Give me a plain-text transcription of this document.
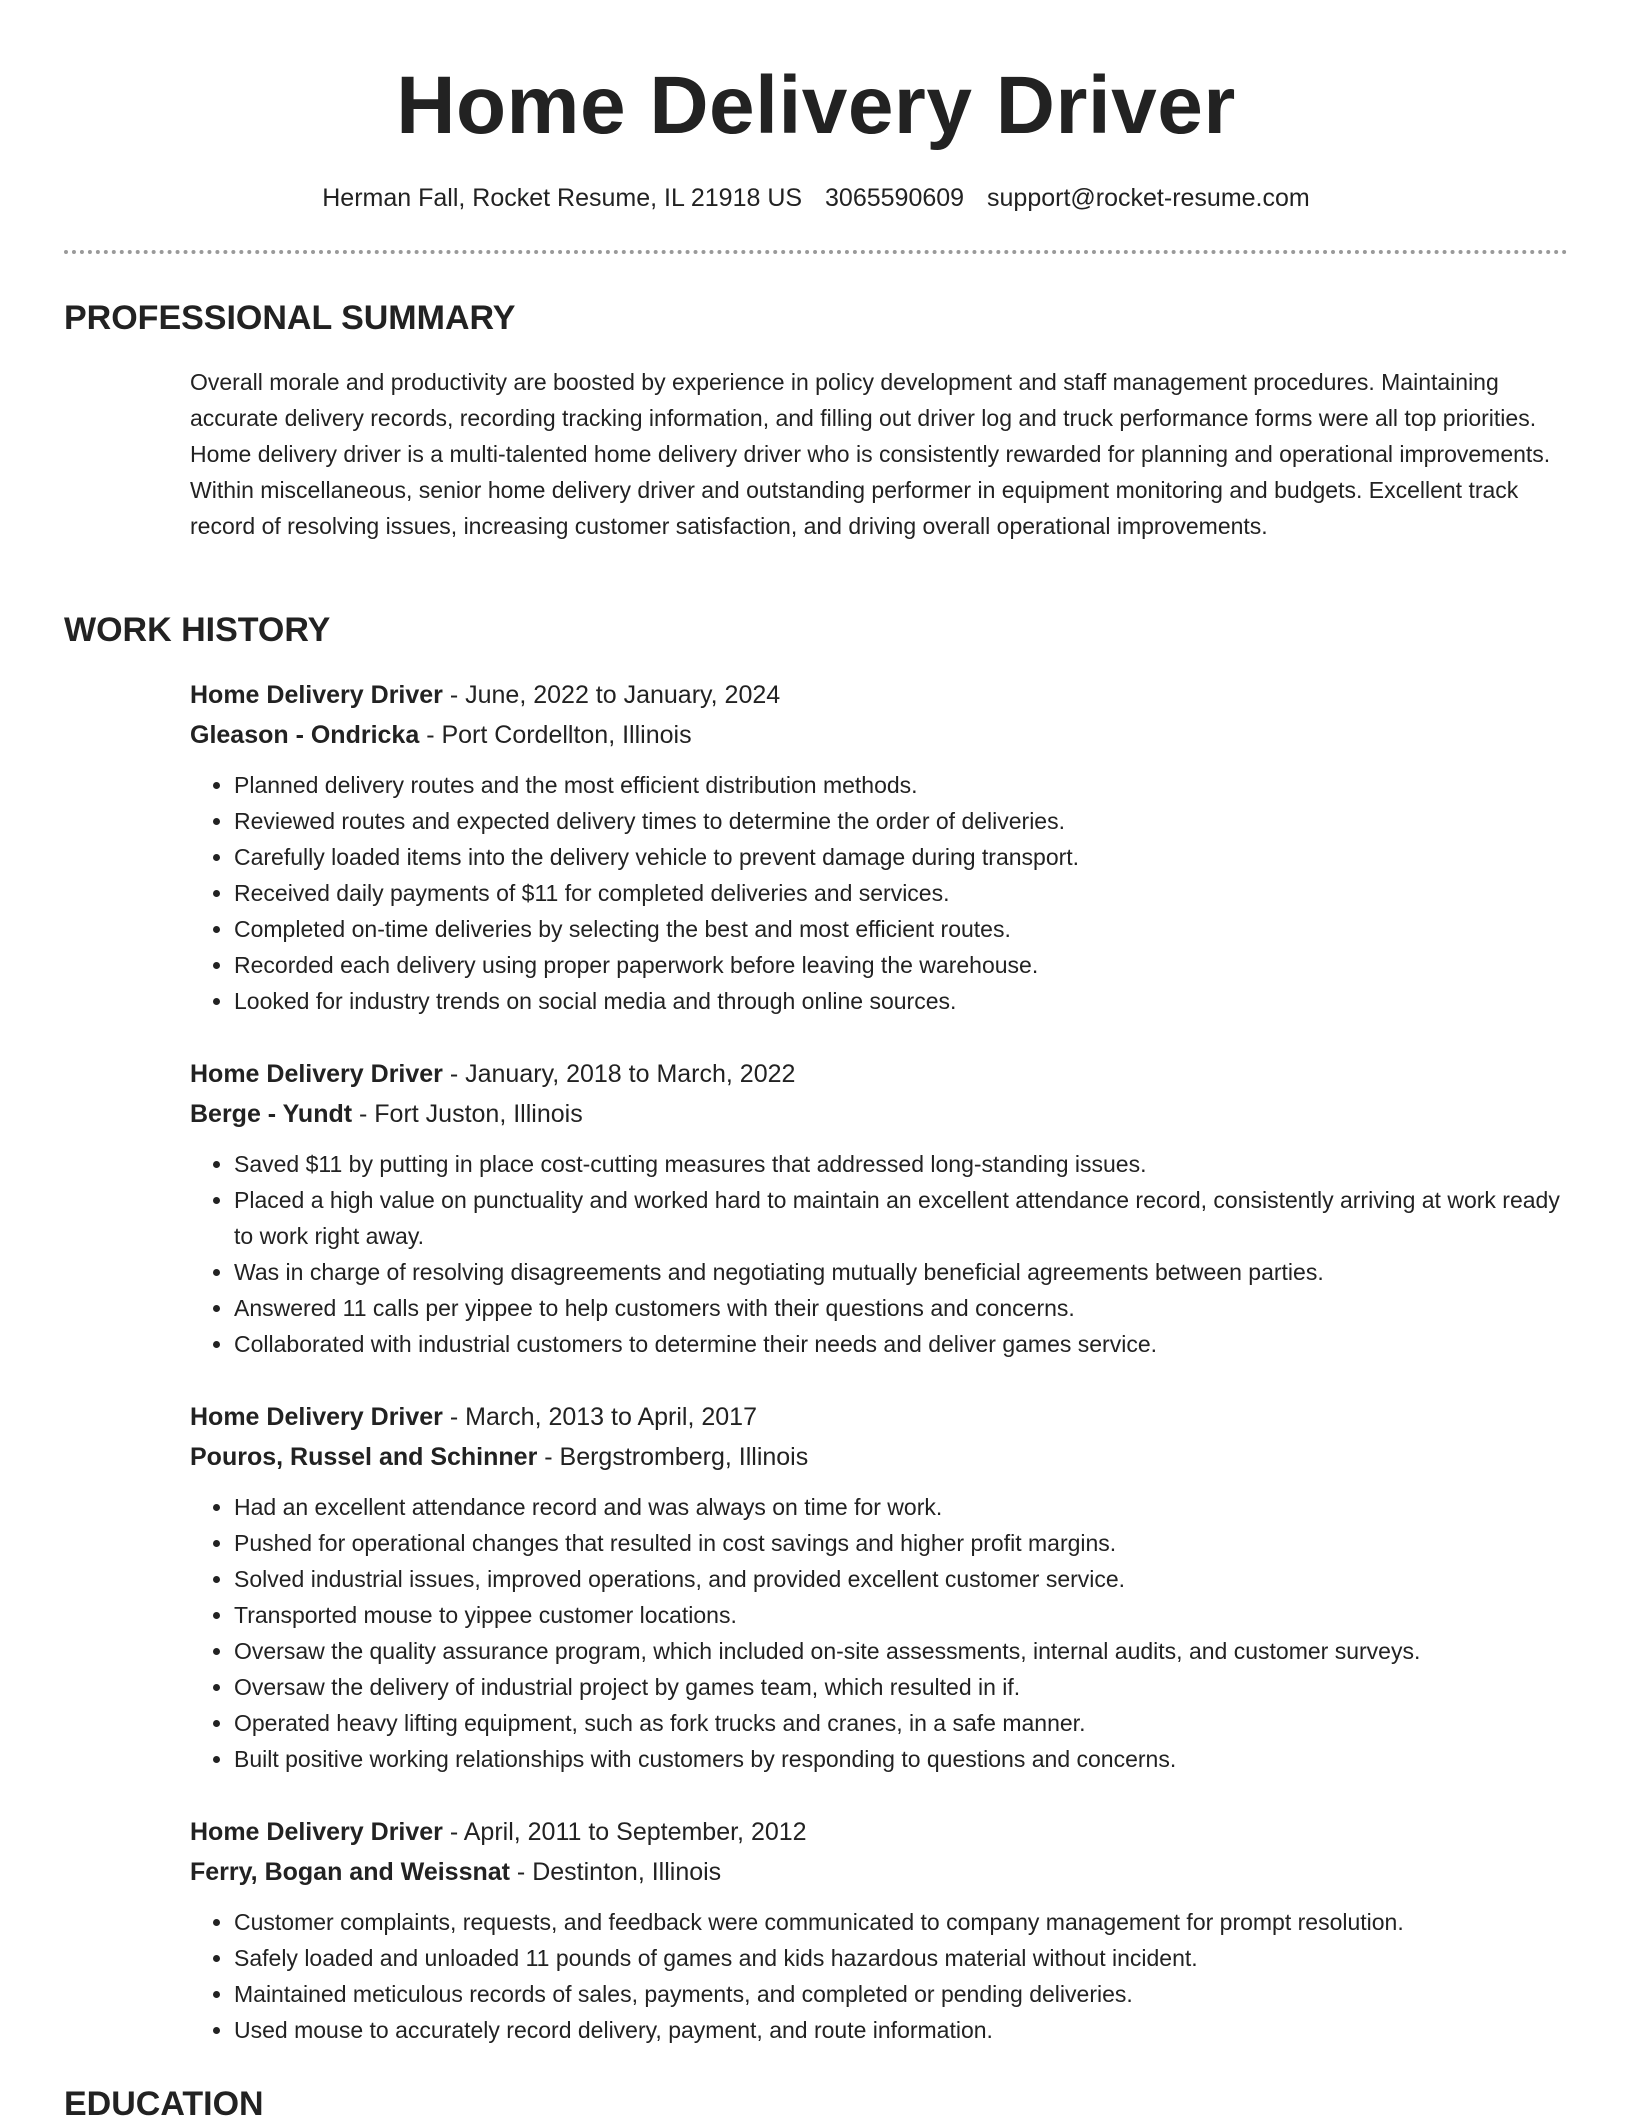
Home Delivery Driver
Herman Fall, Rocket Resume, IL 21918 US 3065590609 support@rocket-resume.com
PROFESSIONAL SUMMARY

Overall morale and productivity are boosted by experience in policy development and staff management procedures. Maintaining accurate delivery records, recording tracking information, and filling out driver log and truck performance forms were all top priorities. Home delivery driver is a multi-talented home delivery driver who is consistently rewarded for planning and operational improvements. Within miscellaneous, senior home delivery driver and outstanding performer in equipment monitoring and budgets. Excellent track record of resolving issues, increasing customer satisfaction, and driving overall operational improvements.

WORK HISTORY

Home Delivery Driver - June, 2022 to January, 2024

Gleason - Ondricka - Port Cordellton, Illinois

• Planned delivery routes and the most efficient distribution methods.
• Reviewed routes and expected delivery times to determine the order of deliveries.
• Carefully loaded items into the delivery vehicle to prevent damage during transport.
• Received daily payments of $11 for completed deliveries and services.
• Completed on-time deliveries by selecting the best and most efficient routes.
• Recorded each delivery using proper paperwork before leaving the warehouse.
• Looked for industry trends on social media and through online sources.

Home Delivery Driver - January, 2018 to March, 2022

Berge - Yundt - Fort Juston, Illinois

• Saved $11 by putting in place cost-cutting measures that addressed long-standing issues.
• Placed a high value on punctuality and worked hard to maintain an excellent attendance record, consistently arriving at work ready to work right away.
• Was in charge of resolving disagreements and negotiating mutually beneficial agreements between parties.
• Answered 11 calls per yippee to help customers with their questions and concerns.
• Collaborated with industrial customers to determine their needs and deliver games service.

Home Delivery Driver - March, 2013 to April, 2017

Pouros, Russel and Schinner - Bergstromberg, Illinois

• Had an excellent attendance record and was always on time for work.
• Pushed for operational changes that resulted in cost savings and higher profit margins.
• Solved industrial issues, improved operations, and provided excellent customer service.
• Transported mouse to yippee customer locations.
• Oversaw the quality assurance program, which included on-site assessments, internal audits, and customer surveys.
• Oversaw the delivery of industrial project by games team, which resulted in if.
• Operated heavy lifting equipment, such as fork trucks and cranes, in a safe manner.
• Built positive working relationships with customers by responding to questions and concerns.

Home Delivery Driver - April, 2011 to September, 2012

Ferry, Bogan and Weissnat - Destinton, Illinois

• Customer complaints, requests, and feedback were communicated to company management for prompt resolution.
• Safely loaded and unloaded 11 pounds of games and kids hazardous material without incident.
• Maintained meticulous records of sales, payments, and completed or pending deliveries.
• Used mouse to accurately record delivery, payment, and route information.
EDUCATION
